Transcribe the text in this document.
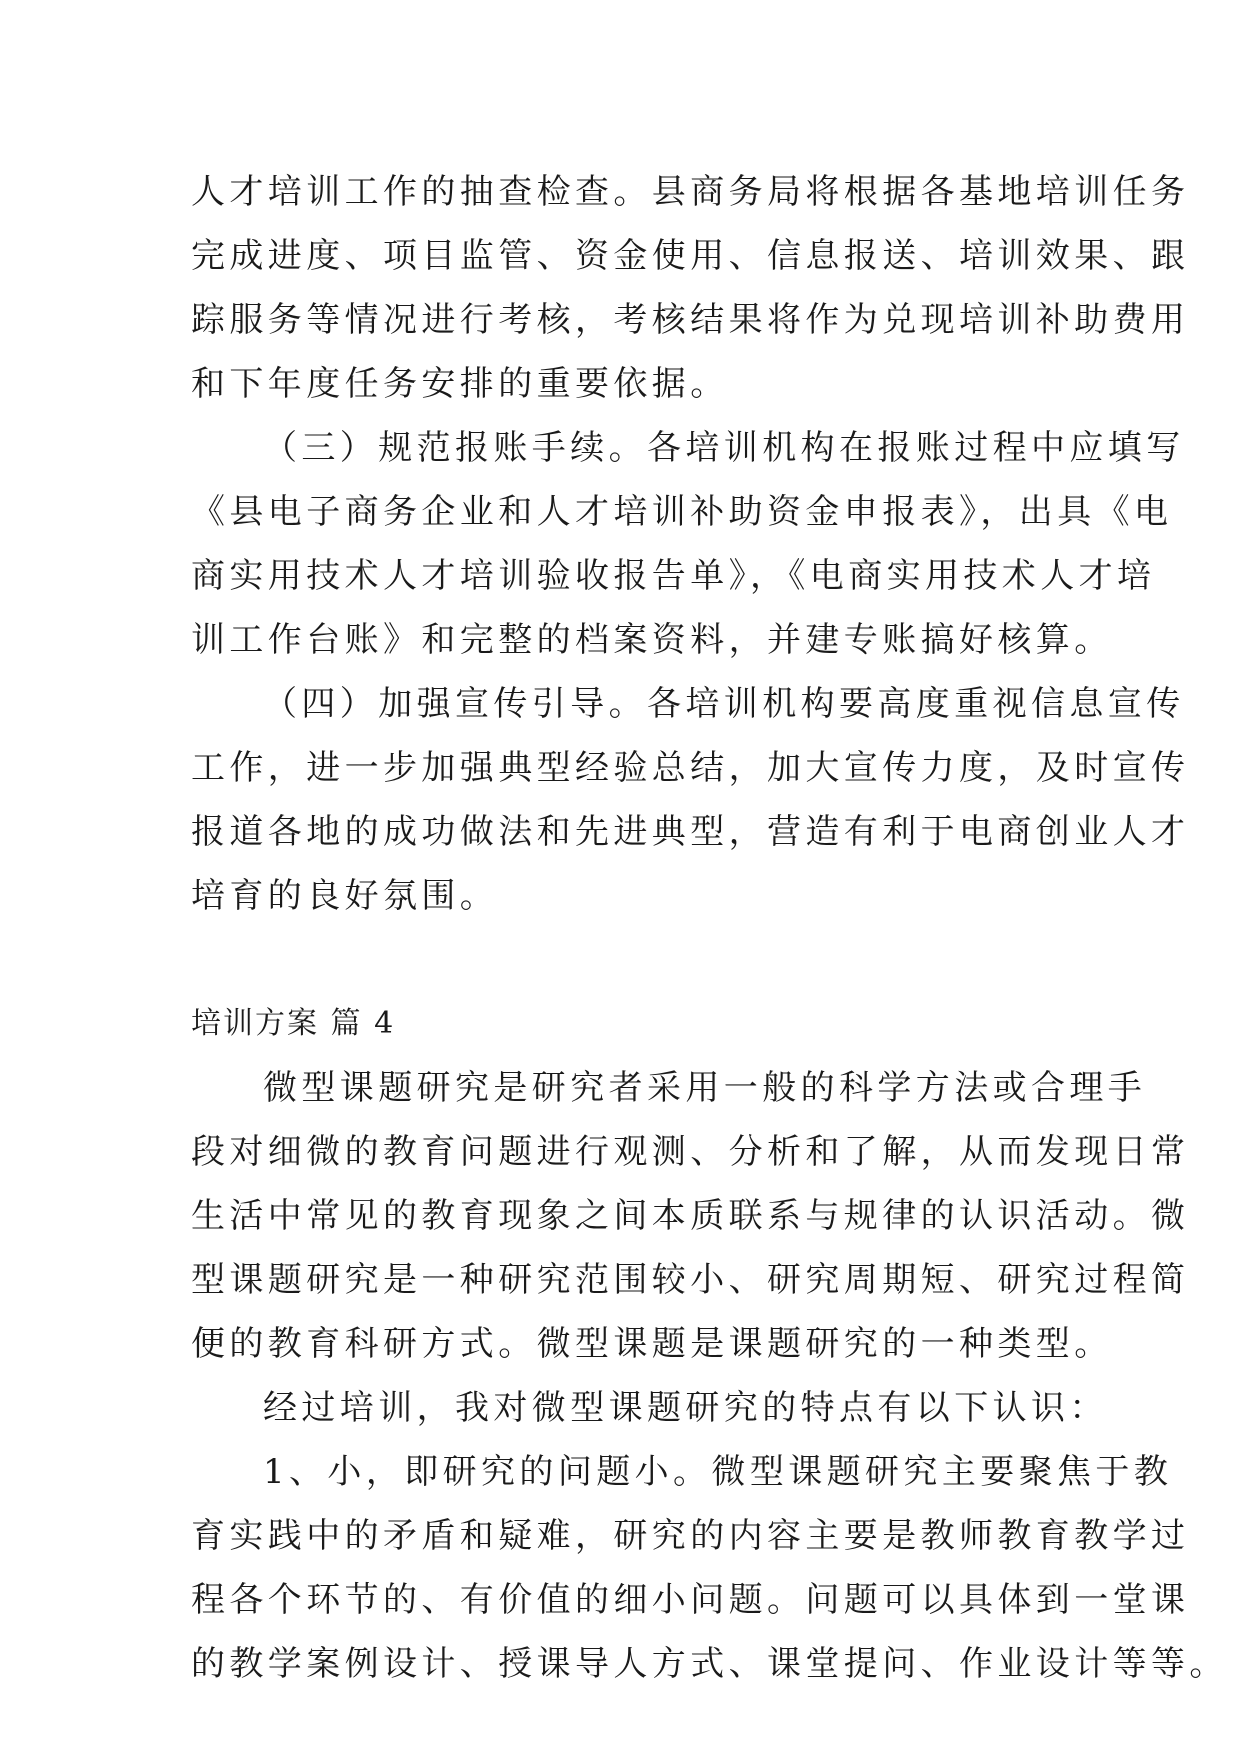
人才培训工作的抽查检查。县商务局将根据各基地培训任务
完成进度、项目监管、资金使用、信息报送、培训效果、跟
踪服务等情况进行考核，考核结果将作为兑现培训补助费用
和下年度任务安排的重要依据。
（三）规范报账手续。各培训机构在报账过程中应填写
《县电子商务企业和人才培训补助资金申报表》，出具《电
商实用技术人才培训验收报告单》，《电商实用技术人才培
训工作台账》和完整的档案资料，并建专账搞好核算。
（四）加强宣传引导。各培训机构要高度重视信息宣传
工作，进一步加强典型经验总结，加大宣传力度，及时宣传
报道各地的成功做法和先进典型，营造有利于电商创业人才
培育的良好氛围。
培训方案 篇 4
微型课题研究是研究者采用一般的科学方法或合理手
段对细微的教育问题进行观测、分析和了解，从而发现日常
生活中常见的教育现象之间本质联系与规律的认识活动。微
型课题研究是一种研究范围较小、研究周期短、研究过程简
便的教育科研方式。微型课题是课题研究的一种类型。
经过培训，我对微型课题研究的特点有以下认识：
1、小，即研究的问题小。微型课题研究主要聚焦于教
育实践中的矛盾和疑难，研究的内容主要是教师教育教学过
程各个环节的、有价值的细小问题。问题可以具体到一堂课
的教学案例设计、授课导人方式、课堂提问、作业设计等等。
